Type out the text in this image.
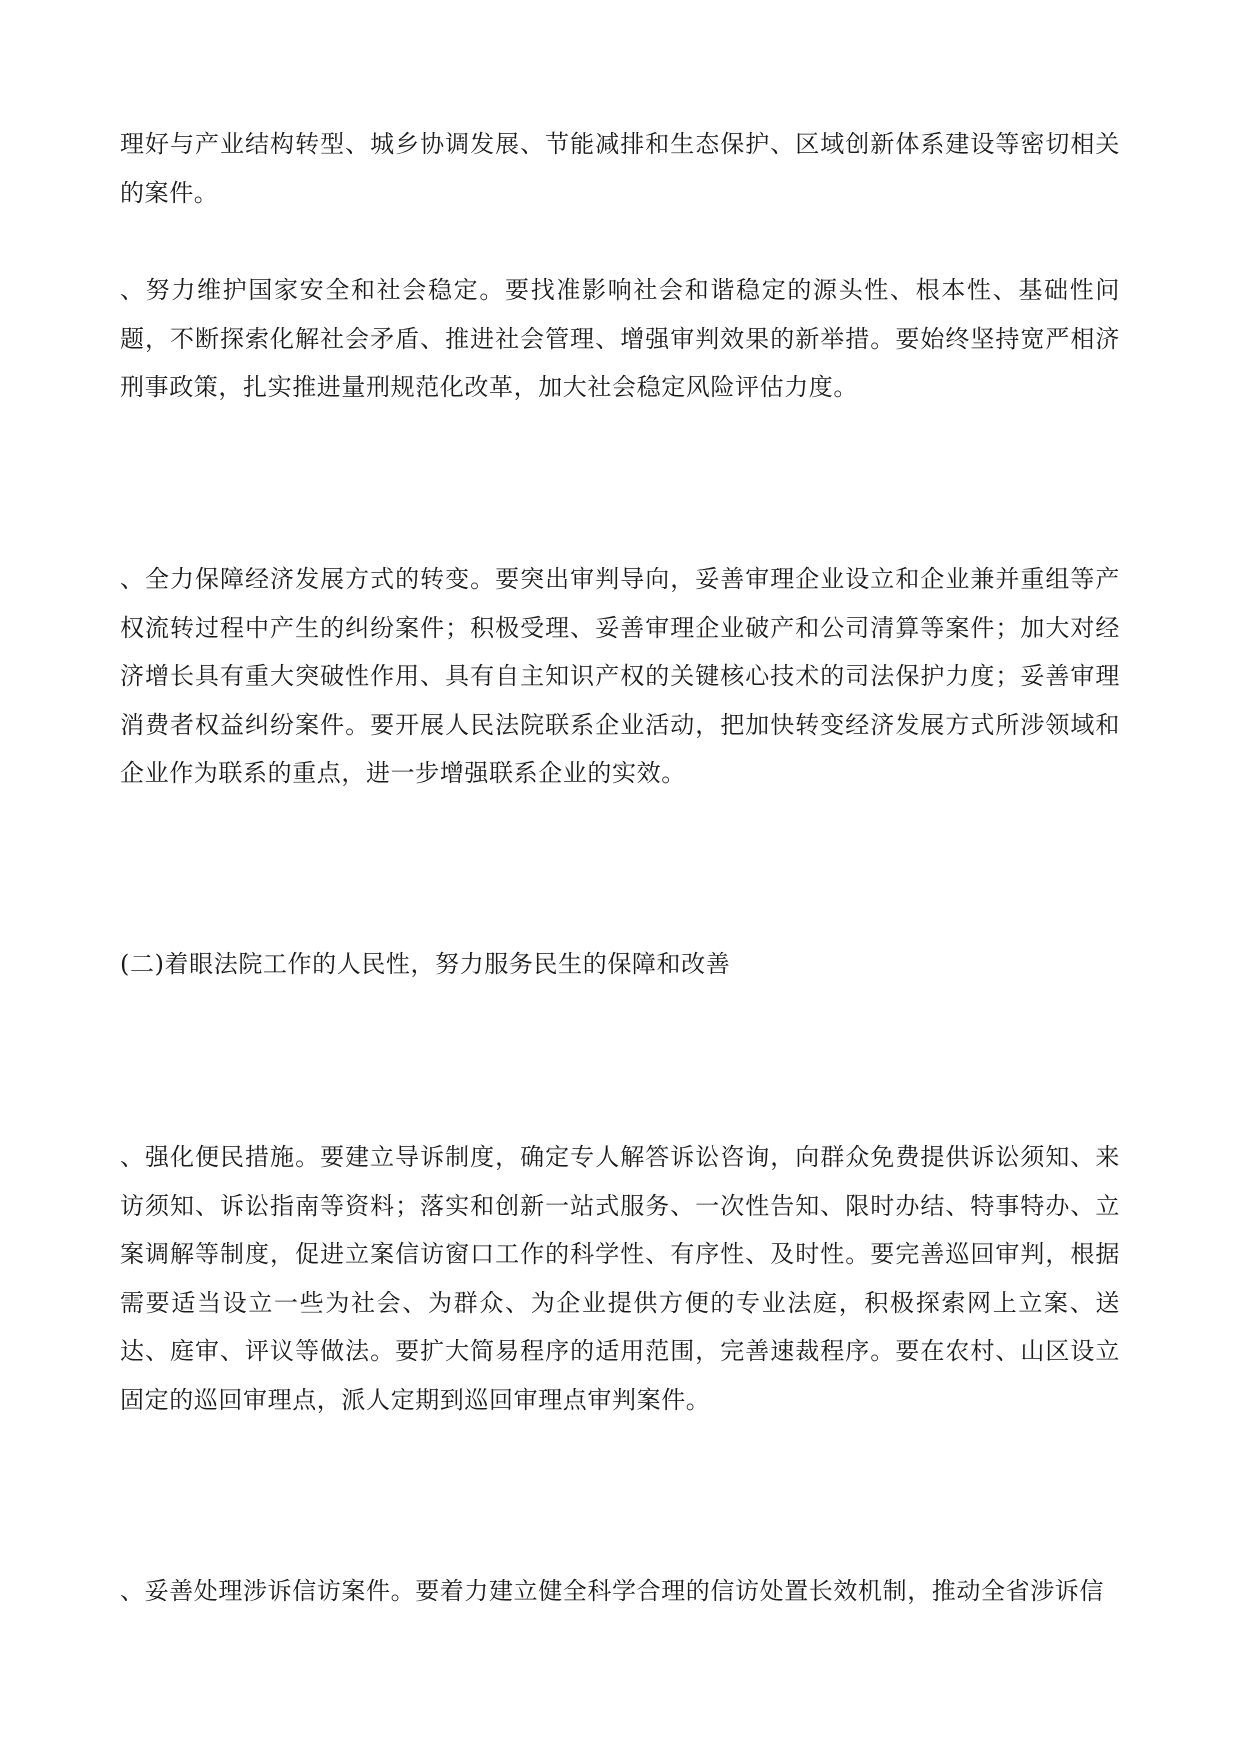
理好与产业结构转型、城乡协调发展、节能减排和生态保护、区域创新体系建设等密切相关的案件。

、努力维护国家安全和社会稳定。要找准影响社会和谐稳定的源头性、根本性、基础性问题，不断探索化解社会矛盾、推进社会管理、增强审判效果的新举措。要始终坚持宽严相济刑事政策，扎实推进量刑规范化改革，加大社会稳定风险评估力度。

、全力保障经济发展方式的转变。要突出审判导向，妥善审理企业设立和企业兼并重组等产权流转过程中产生的纠纷案件；积极受理、妥善审理企业破产和公司清算等案件；加大对经济增长具有重大突破性作用、具有自主知识产权的关键核心技术的司法保护力度；妥善审理消费者权益纠纷案件。要开展人民法院联系企业活动，把加快转变经济发展方式所涉领域和企业作为联系的重点，进一步增强联系企业的实效。

(二)着眼法院工作的人民性，努力服务民生的保障和改善

、强化便民措施。要建立导诉制度，确定专人解答诉讼咨询，向群众免费提供诉讼须知、来访须知、诉讼指南等资料；落实和创新一站式服务、一次性告知、限时办结、特事特办、立案调解等制度，促进立案信访窗口工作的科学性、有序性、及时性。要完善巡回审判，根据需要适当设立一些为社会、为群众、为企业提供方便的专业法庭，积极探索网上立案、送达、庭审、评议等做法。要扩大简易程序的适用范围，完善速裁程序。要在农村、山区设立固定的巡回审理点，派人定期到巡回审理点审判案件。

、妥善处理涉诉信访案件。要着力建立健全科学合理的信访处置长效机制，推动全省涉诉信
